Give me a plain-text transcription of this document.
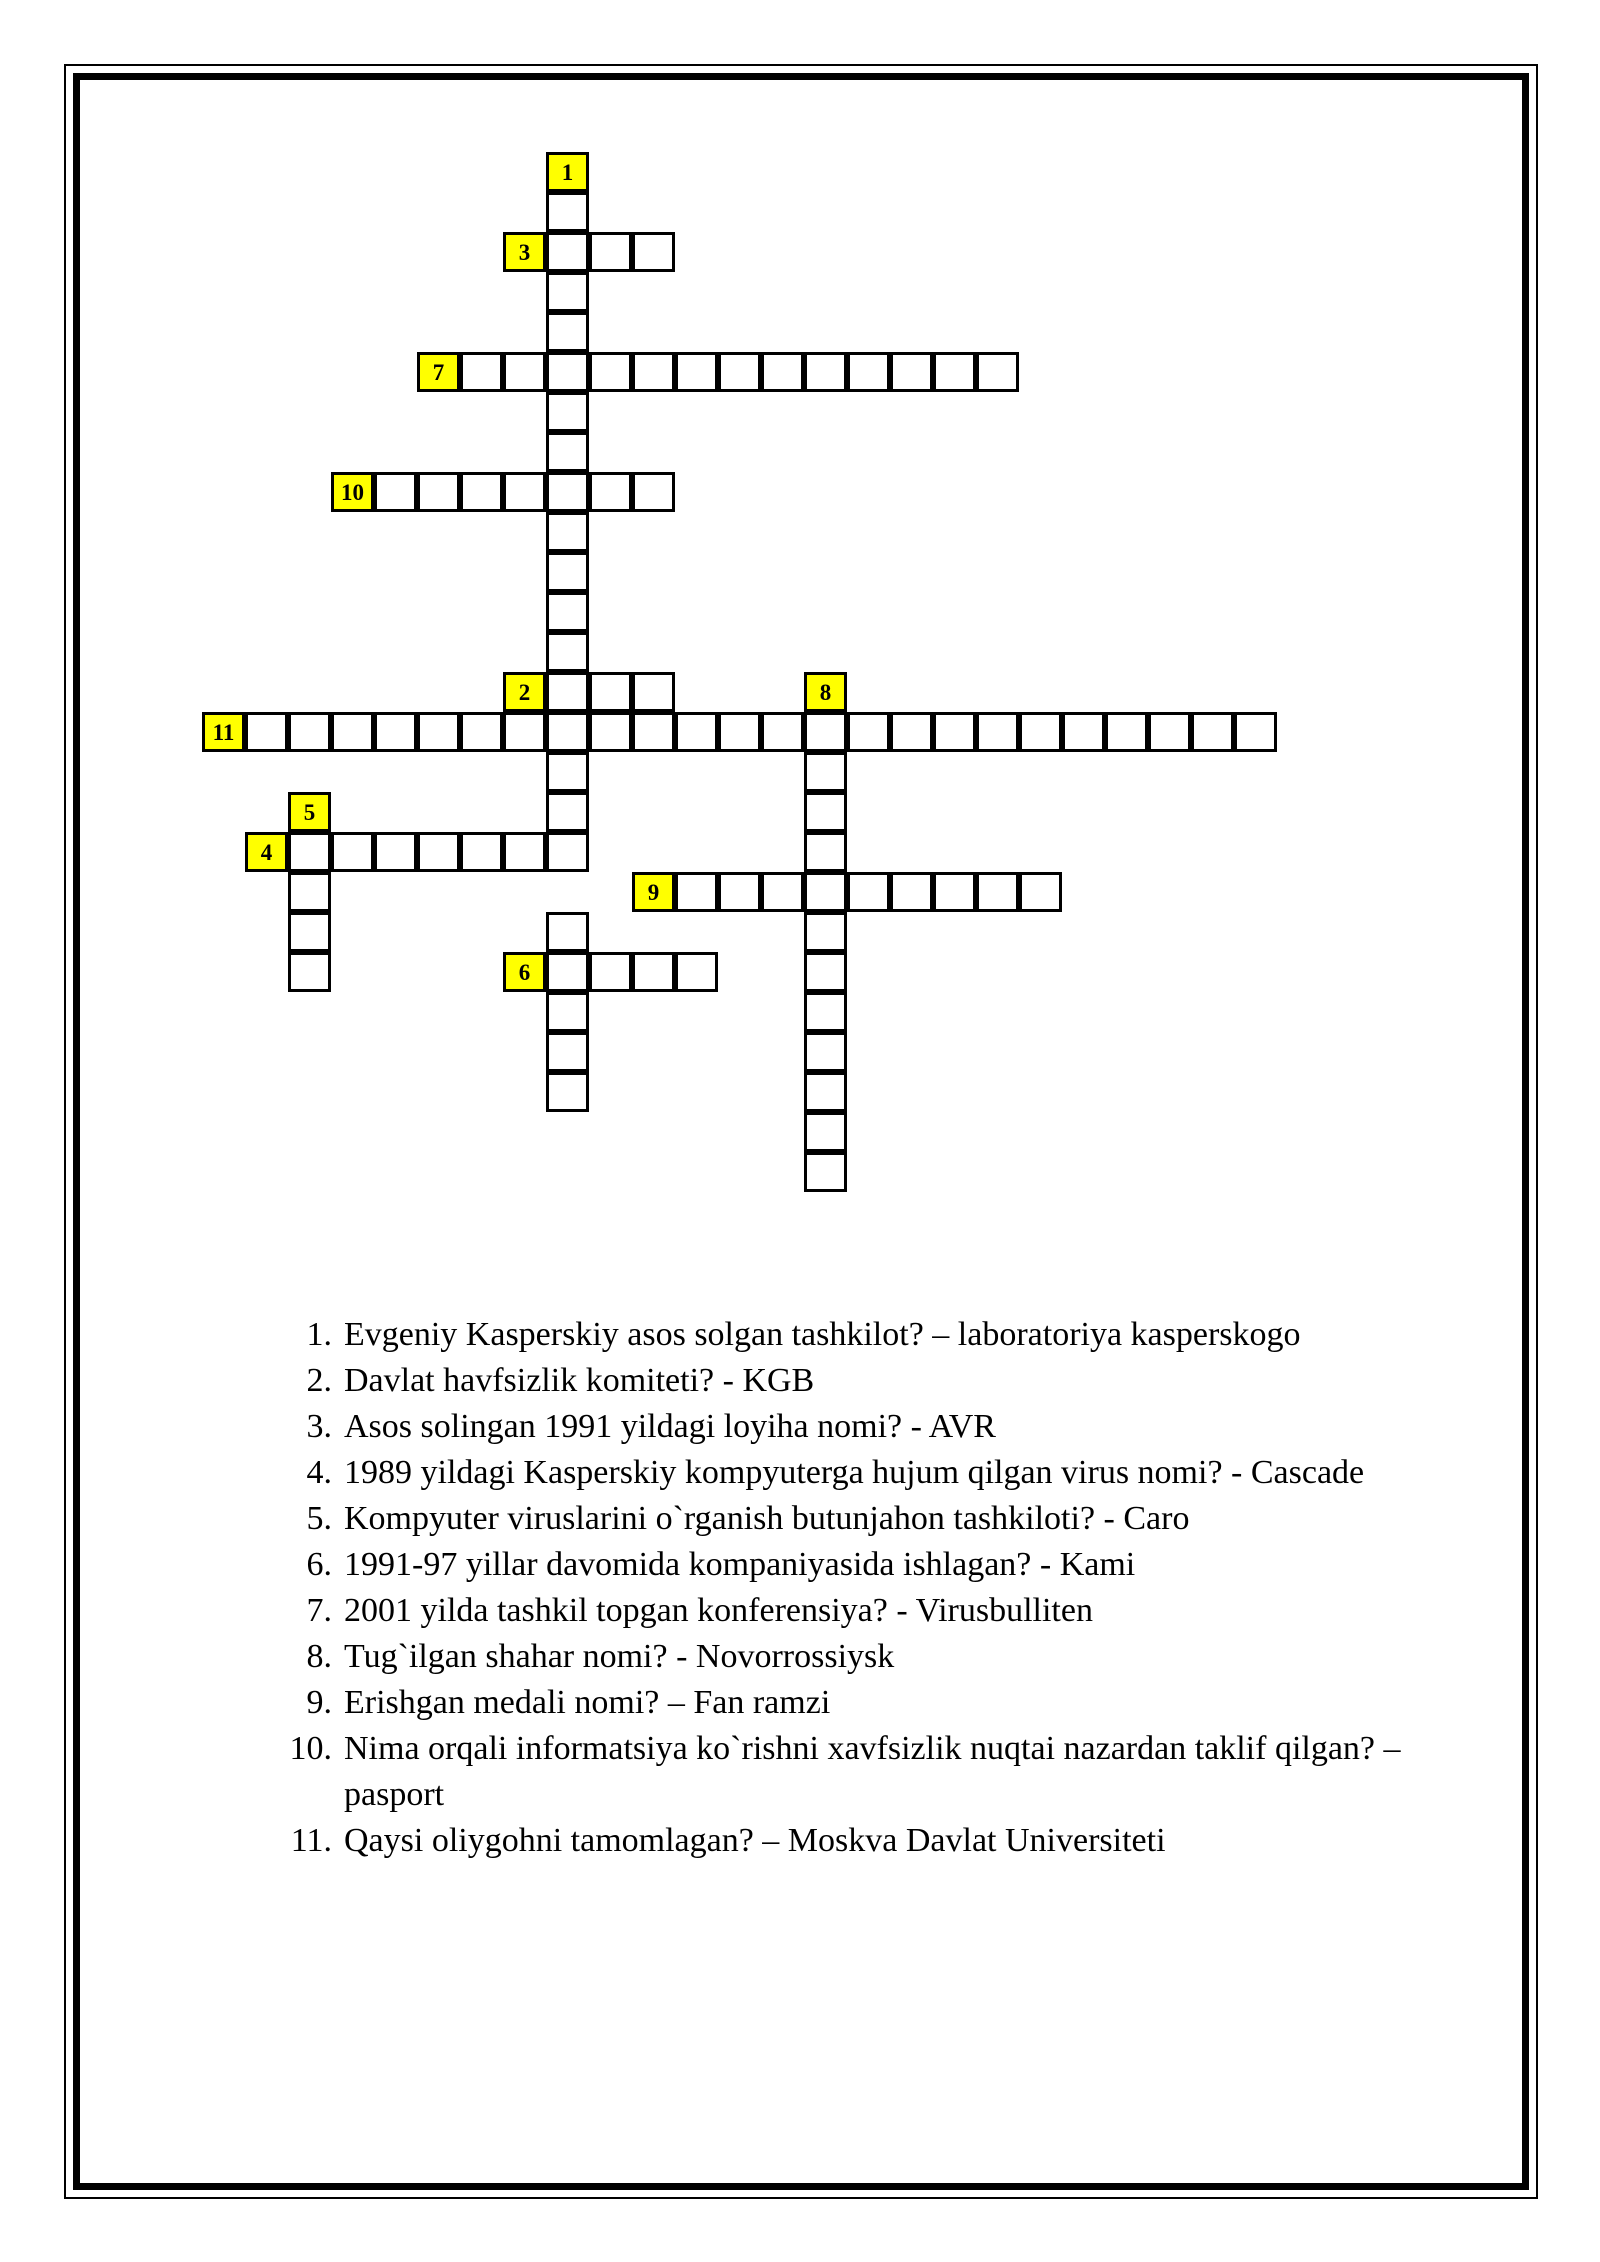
1
3
7
10
2	8
11
5
4
9
6
1. Evgeniy Kasperskiy asos solgan tashkilot? – laboratoriya kasperskogo
2. Davlat havfsizlik komiteti? - KGB
3. Asos solingan 1991 yildagi loyiha nomi? - AVR
4. 1989 yildagi Kasperskiy kompyuterga hujum qilgan virus nomi? - Cascade
5. Kompyuter viruslarini o`rganish butunjahon tashkiloti? - Caro
6. 1991-97 yillar davomida kompaniyasida ishlagan? - Kami
7. 2001 yilda tashkil topgan konferensiya? - Virusbulliten
8. Tug`ilgan shahar nomi? - Novorrossiysk
9. Erishgan medali nomi? – Fan ramzi
10. Nima orqali informatsiya ko`rishni xavfsizlik nuqtai nazardan taklif qilgan? – pasport
11. Qaysi oliygohni tamomlagan? – Moskva Davlat Universiteti
